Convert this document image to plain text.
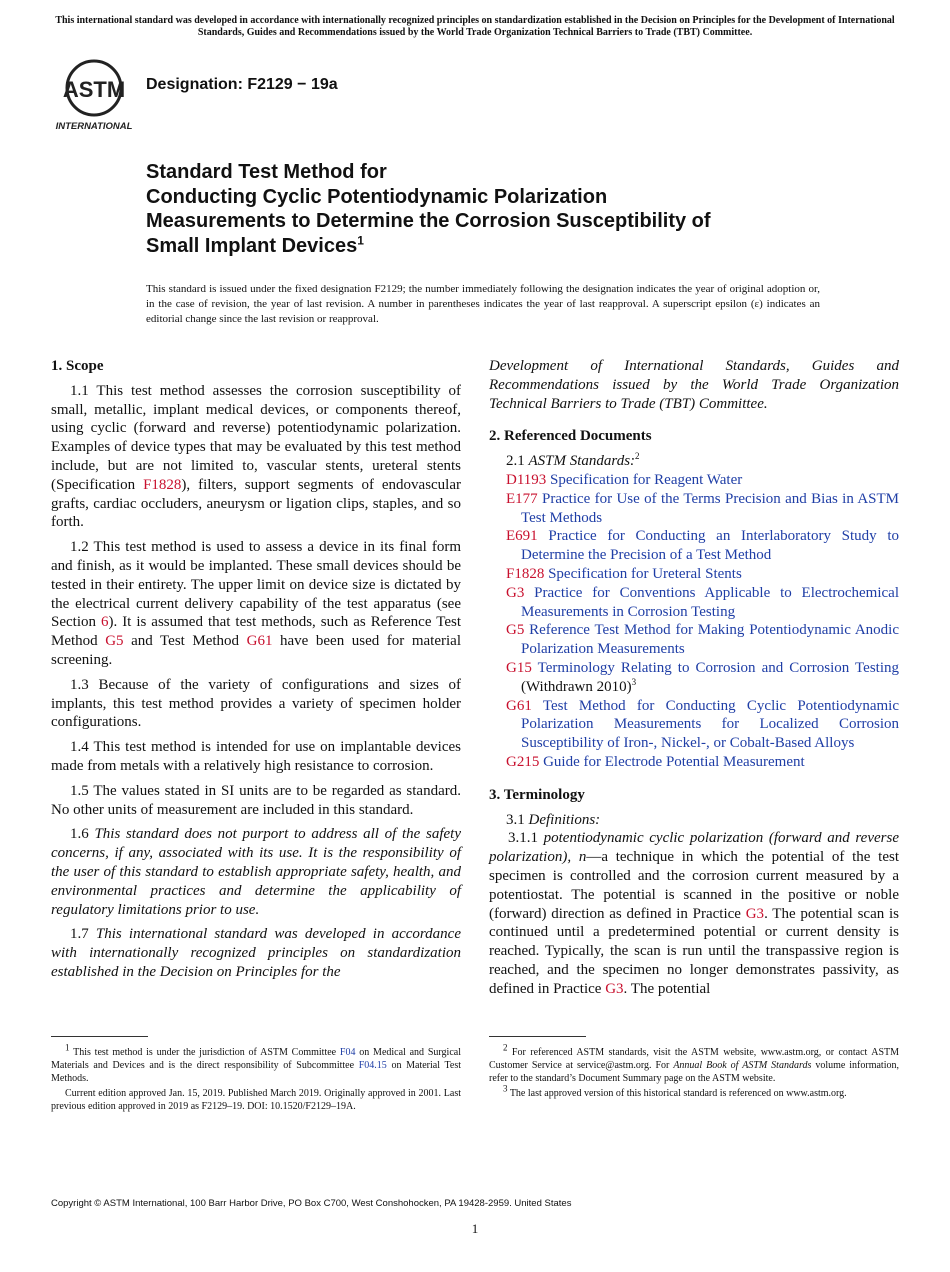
This international standard was developed in accordance with internationally recognized principles on standardization established in the Decision on Principles for the Development of International Standards, Guides and Recommendations issued by the World Trade Organization Technical Barriers to Trade (TBT) Committee.
ASTM
INTERNATIONAL
Designation: F2129 − 19a
Standard Test Method for
Conducting Cyclic Potentiodynamic Polarization
Measurements to Determine the Corrosion Susceptibility of
Small Implant Devices$^1$
This standard is issued under the fixed designation F2129; the number immediately following the designation indicates the year of original adoption or, in the case of revision, the year of last revision. A number in parentheses indicates the year of last reapproval. A superscript epsilon (ε) indicates an editorial change since the last revision or reapproval.
1. Scope

1.1 This test method assesses the corrosion susceptibility of small, metallic, implant medical devices, or components thereof, using cyclic (forward and reverse) potentiodynamic polarization. Examples of device types that may be evaluated by this test method include, but are not limited to, vascular stents, ureteral stents (Specification F1828), filters, support segments of endovascular grafts, cardiac occluders, aneurysm or ligation clips, staples, and so forth.

1.2 This test method is used to assess a device in its final form and finish, as it would be implanted. These small devices should be tested in their entirety. The upper limit on device size is dictated by the electrical current delivery capability of the test apparatus (see Section 6). It is assumed that test methods, such as Reference Test Method G5 and Test Method G61 have been used for material screening.

1.3 Because of the variety of configurations and sizes of implants, this test method provides a variety of specimen holder configurations.

1.4 This test method is intended for use on implantable devices made from metals with a relatively high resistance to corrosion.

1.5 The values stated in SI units are to be regarded as standard. No other units of measurement are included in this standard.

1.6 This standard does not purport to address all of the safety concerns, if any, associated with its use. It is the responsibility of the user of this standard to establish appropriate safety, health, and environmental practices and determine the applicability of regulatory limitations prior to use.

1.7 This international standard was developed in accordance with internationally recognized principles on standardization established in the Decision on Principles for the

Development of International Standards, Guides and Recommendations issued by the World Trade Organization Technical Barriers to Trade (TBT) Committee.

2. Referenced Documents
2.1 ASTM Standards:$^2$
D1193 Specification for Reagent Water
E177 Practice for Use of the Terms Precision and Bias in ASTM Test Methods
E691 Practice for Conducting an Interlaboratory Study to Determine the Precision of a Test Method
F1828 Specification for Ureteral Stents
G3 Practice for Conventions Applicable to Electrochemical Measurements in Corrosion Testing
G5 Reference Test Method for Making Potentiodynamic Anodic Polarization Measurements
G15 Terminology Relating to Corrosion and Corrosion Testing (Withdrawn 2010)$^3$
G61 Test Method for Conducting Cyclic Potentiodynamic Polarization Measurements for Localized Corrosion Susceptibility of Iron-, Nickel-, or Cobalt-Based Alloys
G215 Guide for Electrode Potential Measurement
3. Terminology
3.1 Definitions:

3.1.1 potentiodynamic cyclic polarization (forward and reverse polarization), n—a technique in which the potential of the test specimen is controlled and the corrosion current measured by a potentiostat. The potential is scanned in the positive or noble (forward) direction as defined in Practice G3. The potential scan is continued until a predetermined potential or current density is reached. Typically, the scan is run until the transpassive region is reached, and the specimen no longer demonstrates passivity, as defined in Practice G3. The potential

$^1$ This test method is under the jurisdiction of ASTM Committee F04 on Medical and Surgical Materials and Devices and is the direct responsibility of Subcommittee F04.15 on Material Test Methods.

Current edition approved Jan. 15, 2019. Published March 2019. Originally approved in 2001. Last previous edition approved in 2019 as F2129–19. DOI: 10.1520/F2129–19A.

$^2$ For referenced ASTM standards, visit the ASTM website, www.astm.org, or contact ASTM Customer Service at service@astm.org. For Annual Book of ASTM Standards volume information, refer to the standard’s Document Summary page on the ASTM website.

$^3$ The last approved version of this historical standard is referenced on www.astm.org.

Copyright © ASTM International, 100 Barr Harbor Drive, PO Box C700, West Conshohocken, PA 19428-2959. United States
1
